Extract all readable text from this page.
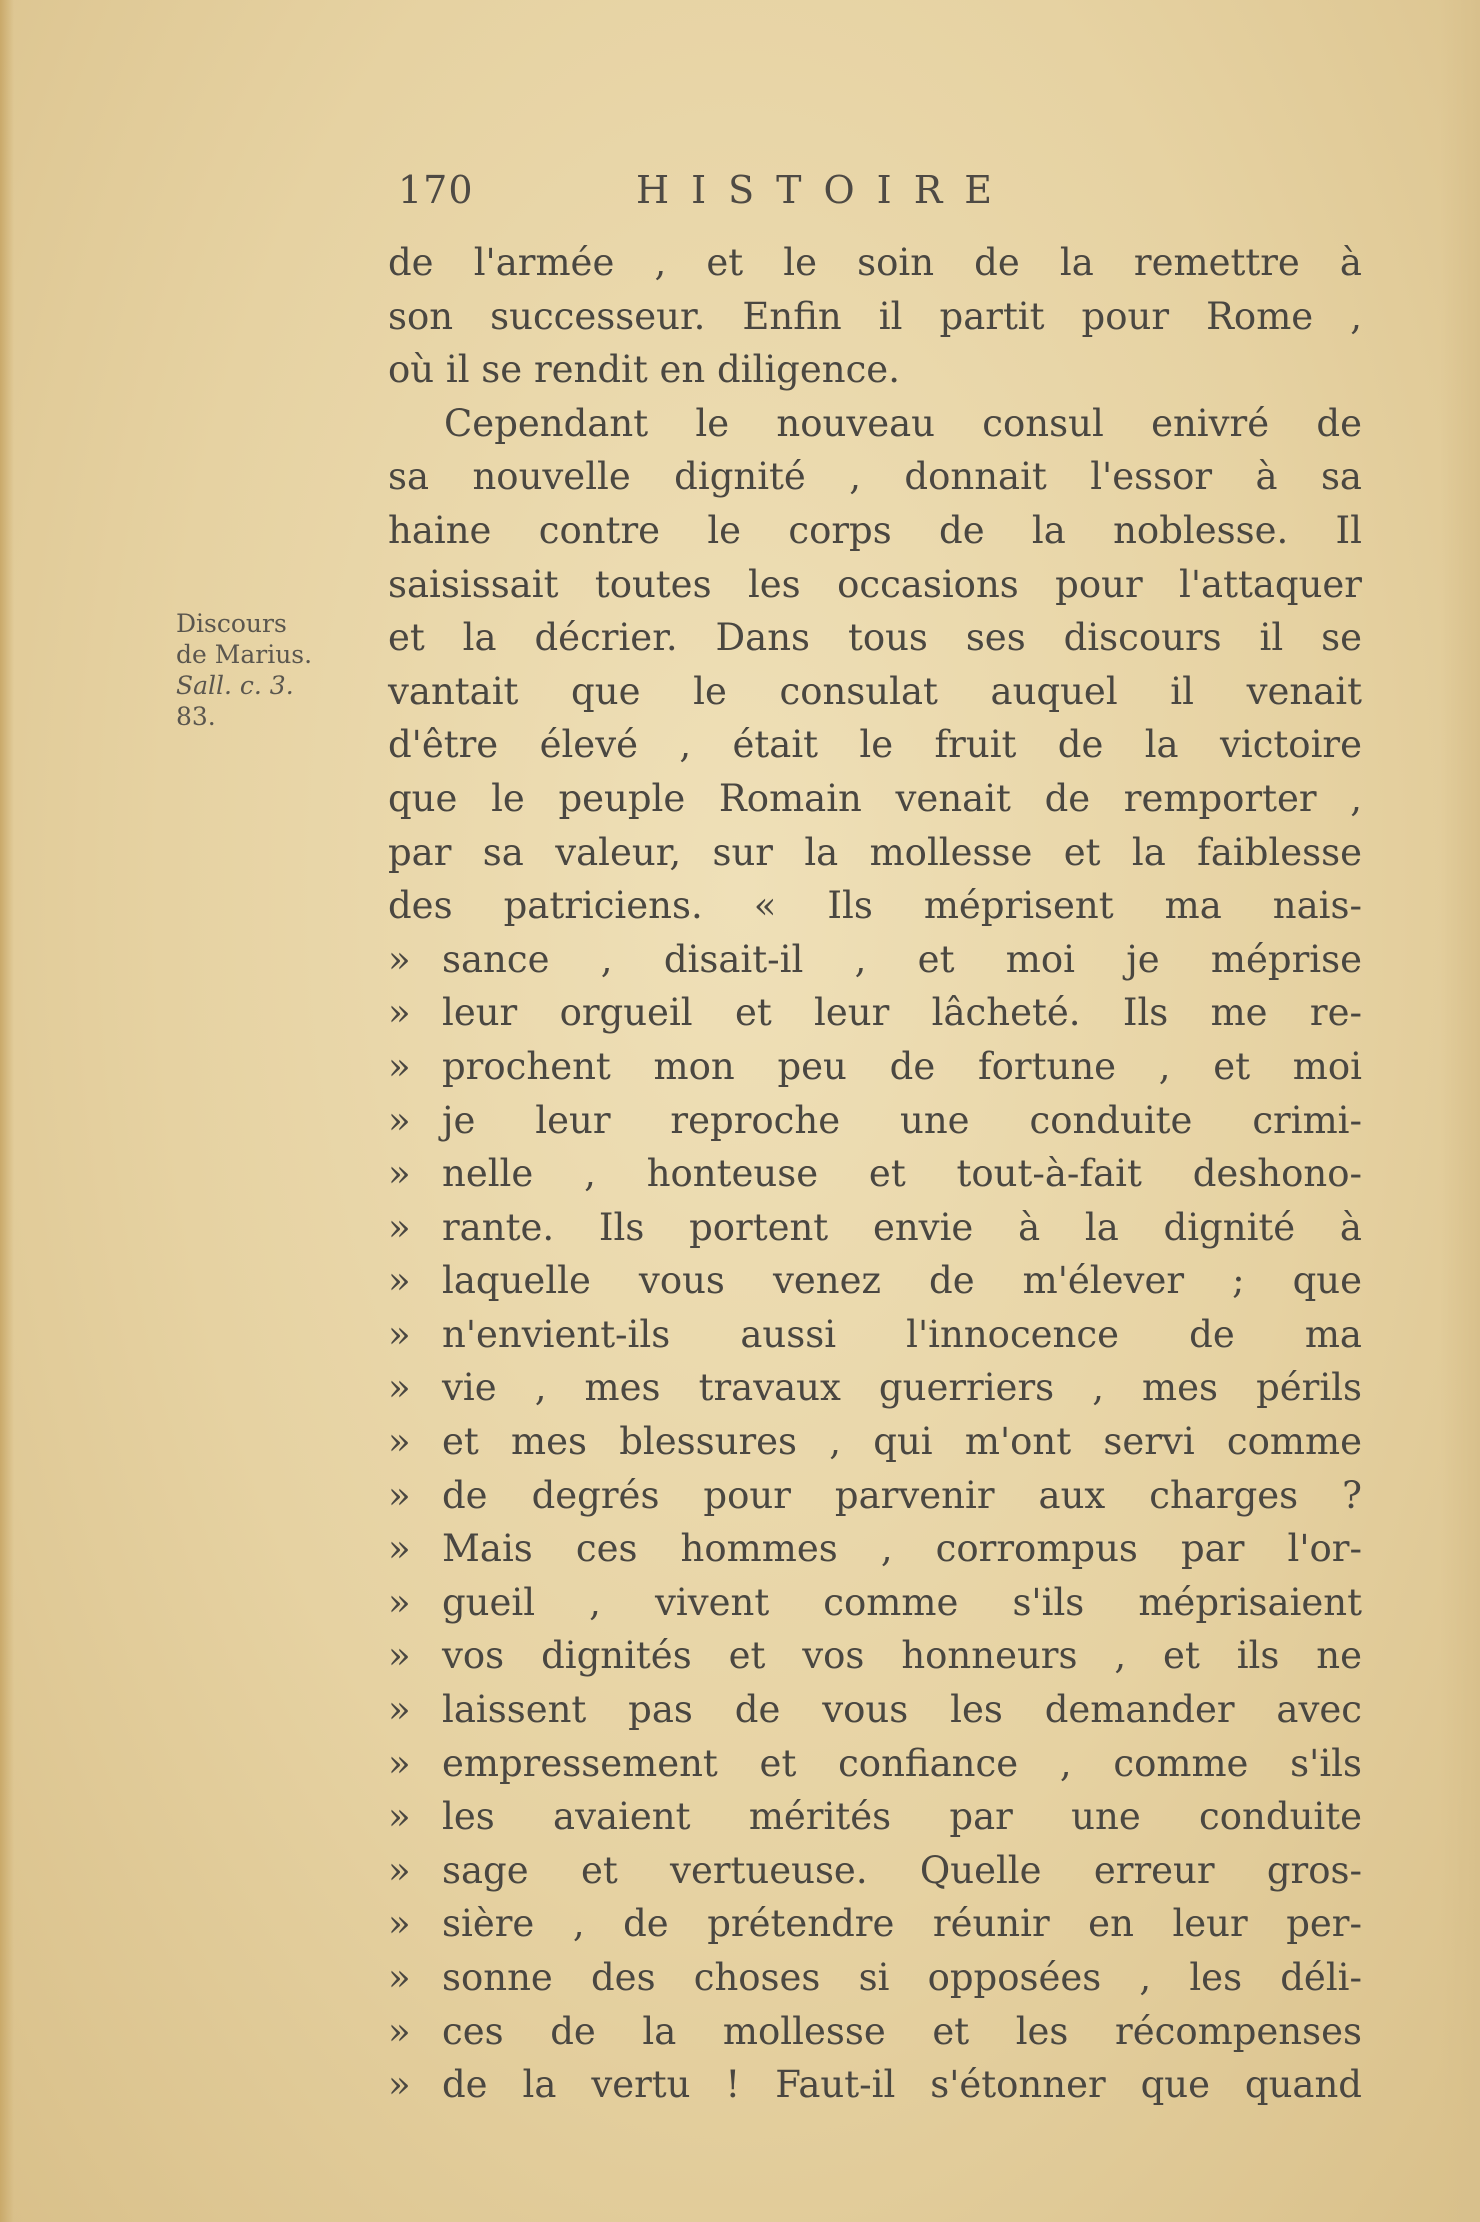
170	HISTOIRE
Discours
de Marius.
Sall. c. 3.
83.
de l'armée , et le soin de la remettre à
son successeur. Enfin il partit pour Rome ,
où il se rendit en diligence.
Cependant le nouveau consul enivré de
sa nouvelle dignité , donnait l'essor à sa
haine contre le corps de la noblesse. Il
saisissait toutes les occasions pour l'attaquer
et la décrier. Dans tous ses discours il se
vantait que le consulat auquel il venait
d'être élevé , était le fruit de la victoire
que le peuple Romain venait de remporter ,
par sa valeur, sur la mollesse et la faiblesse
des patriciens. « Ils méprisent ma nais-
» sance , disait-il , et moi je méprise
» leur orgueil et leur lâcheté. Ils me re-
» prochent mon peu de fortune , et moi
» je leur reproche une conduite crimi-
» nelle , honteuse et tout-à-fait deshono-
» rante. Ils portent envie à la dignité à
» laquelle vous venez de m'élever ; que
» n'envient-ils aussi l'innocence de ma
» vie , mes travaux guerriers , mes périls
» et mes blessures , qui m'ont servi comme
» de degrés pour parvenir aux charges ?
» Mais ces hommes , corrompus par l'or-
» gueil , vivent comme s'ils méprisaient
» vos dignités et vos honneurs , et ils ne
» laissent pas de vous les demander avec
» empressement et confiance , comme s'ils
» les avaient mérités par une conduite
» sage et vertueuse. Quelle erreur gros-
» sière , de prétendre réunir en leur per-
» sonne des choses si opposées , les déli-
» ces de la mollesse et les récompenses
» de la vertu ! Faut-il s'étonner que quand
